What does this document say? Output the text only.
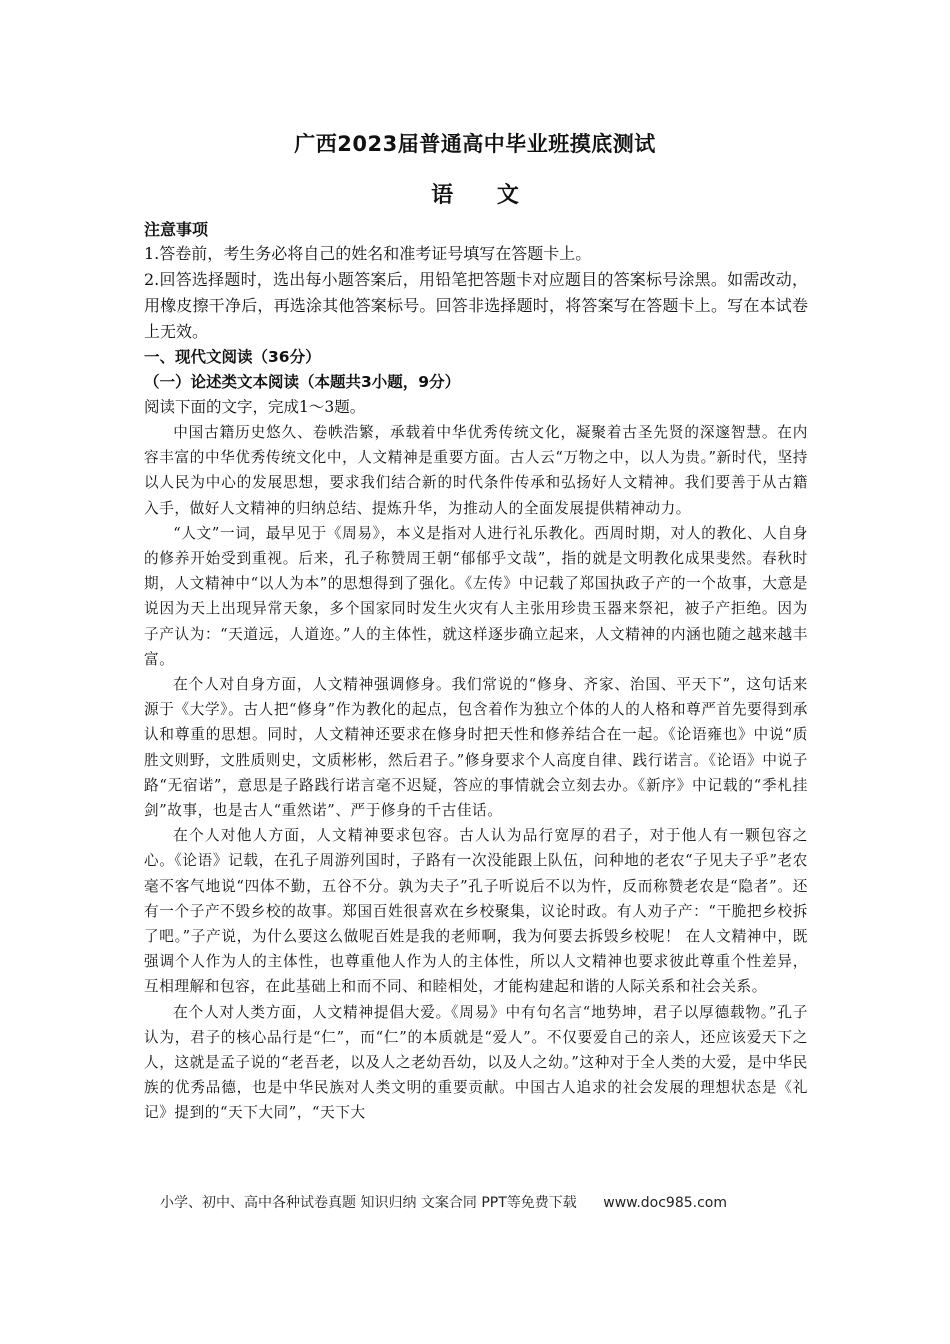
广西2023届普通高中毕业班摸底测试
语 文
注意事项
1.答卷前，考生务必将自己的姓名和准考证号填写在答题卡上。
2.回答选择题时，选出每小题答案后，用铅笔把答题卡对应题目的答案标号涂黑。如需改动，用橡皮擦干净后，再选涂其他答案标号。回答非选择题时，将答案写在答题卡上。写在本试卷上无效。
一、现代文阅读（36分）
（一）论述类文本阅读（本题共3小题，9分）
阅读下面的文字，完成1～3题。

中国古籍历史悠久、卷帙浩繁，承载着中华优秀传统文化，凝聚着古圣先贤的深邃智慧。在内容丰富的中华优秀传统文化中，人文精神是重要方面。古人云“万物之中，以人为贵。”新时代，坚持以人民为中心的发展思想，要求我们结合新的时代条件传承和弘扬好人文精神。我们要善于从古籍入手，做好人文精神的归纳总结、提炼升华，为推动人的全面发展提供精神动力。

“人文”一词，最早见于《周易》，本义是指对人进行礼乐教化。西周时期，对人的教化、人自身的修养开始受到重视。后来，孔子称赞周王朝“郁郁乎文哉”，指的就是文明教化成果斐然。春秋时期，人文精神中“以人为本”的思想得到了强化。《左传》中记载了郑国执政子产的一个故事，大意是说因为天上出现异常天象，多个国家同时发生火灾有人主张用珍贵玉器来祭祀，被子产拒绝。因为子产认为：“天道远，人道迩。”人的主体性，就这样逐步确立起来，人文精神的内涵也随之越来越丰富。

在个人对自身方面，人文精神强调修身。我们常说的“修身、齐家、治国、平天下”，这句话来源于《大学》。古人把“修身”作为教化的起点，包含着作为独立个体的人的人格和尊严首先要得到承认和尊重的思想。同时，人文精神还要求在修身时把天性和修养结合在一起。《论语雍也》中说“质胜文则野，文胜质则史，文质彬彬，然后君子。”修身要求个人高度自律、践行诺言。《论语》中说子路“无宿诺”，意思是子路践行诺言毫不迟疑，答应的事情就会立刻去办。《新序》中记载的“季札挂剑”故事，也是古人“重然诺”、严于修身的千古佳话。

在个人对他人方面，人文精神要求包容。古人认为品行宽厚的君子，对于他人有一颗包容之心。《论语》记载，在孔子周游列国时，子路有一次没能跟上队伍，问种地的老农“子见夫子乎”老农毫不客气地说“四体不勤，五谷不分。孰为夫子”孔子听说后不以为忤，反而称赞老农是“隐者”。还有一个子产不毁乡校的故事。郑国百姓很喜欢在乡校聚集，议论时政。有人劝子产：“干脆把乡校拆了吧。”子产说，为什么要这么做呢百姓是我的老师啊，我为何要去拆毁乡校呢！ 在人文精神中，既强调个人作为人的主体性，也尊重他人作为人的主体性，所以人文精神也要求彼此尊重个性差异，互相理解和包容，在此基础上和而不同、和睦相处，才能构建起和谐的人际关系和社会关系。

在个人对人类方面，人文精神提倡大爱。《周易》中有句名言“地势坤，君子以厚德载物。”孔子认为，君子的核心品行是“仁”，而“仁”的本质就是“爱人”。不仅要爱自己的亲人，还应该爱天下之人，这就是孟子说的“老吾老，以及人之老幼吾幼，以及人之幼。”这种对于全人类的大爱，是中华民族的优秀品德，也是中华民族对人类文明的重要贡献。中国古人追求的社会发展的理想状态是《礼记》提到的“天下大同”，“天下大

小学、初中、高中各种试卷真题 知识归纳 文案合同 PPT等免费下载 www.doc985.com
